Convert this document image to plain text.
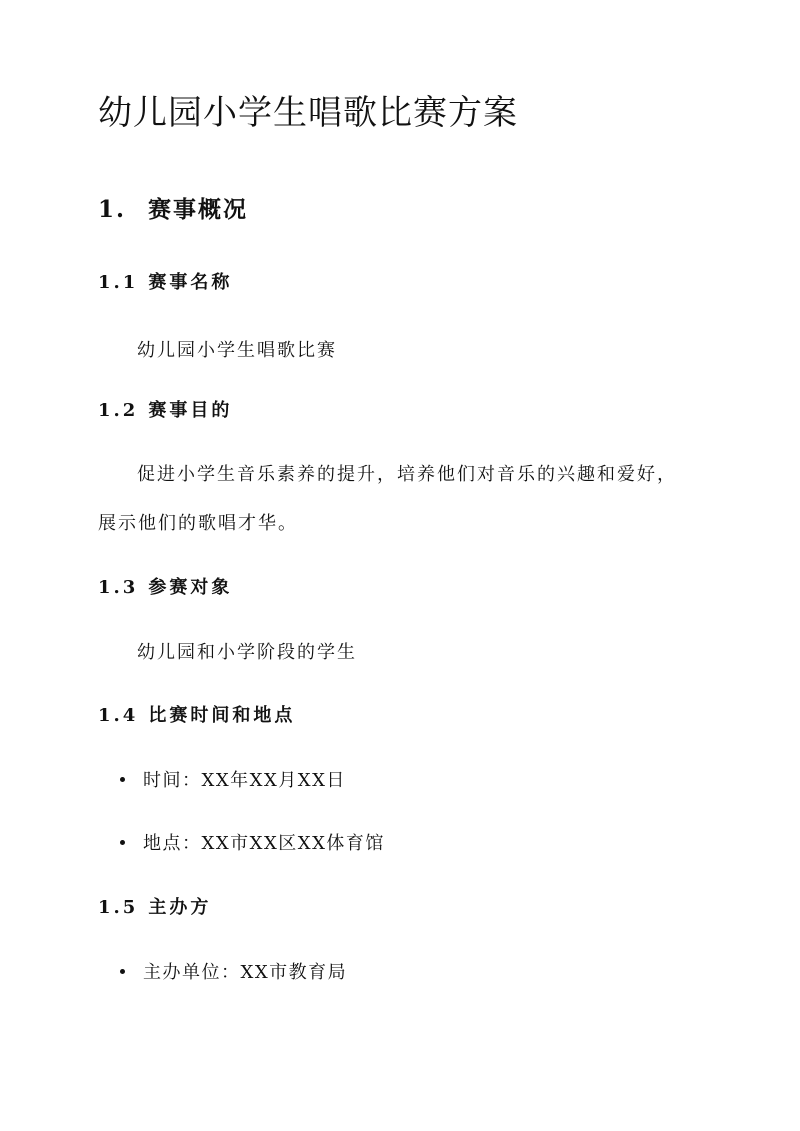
幼儿园小学生唱歌比赛方案
1. 赛事概况
1.1 赛事名称

幼儿园小学生唱歌比赛

1.2 赛事目的

促进小学生音乐素养的提升，培养他们对音乐的兴趣和爱好，

展示他们的歌唱才华。

1.3 参赛对象

幼儿园和小学阶段的学生

1.4 比赛时间和地点
时间：XX年XX月XX日
地点：XX市XX区XX体育馆
1.5 主办方
主办单位：XX市教育局
